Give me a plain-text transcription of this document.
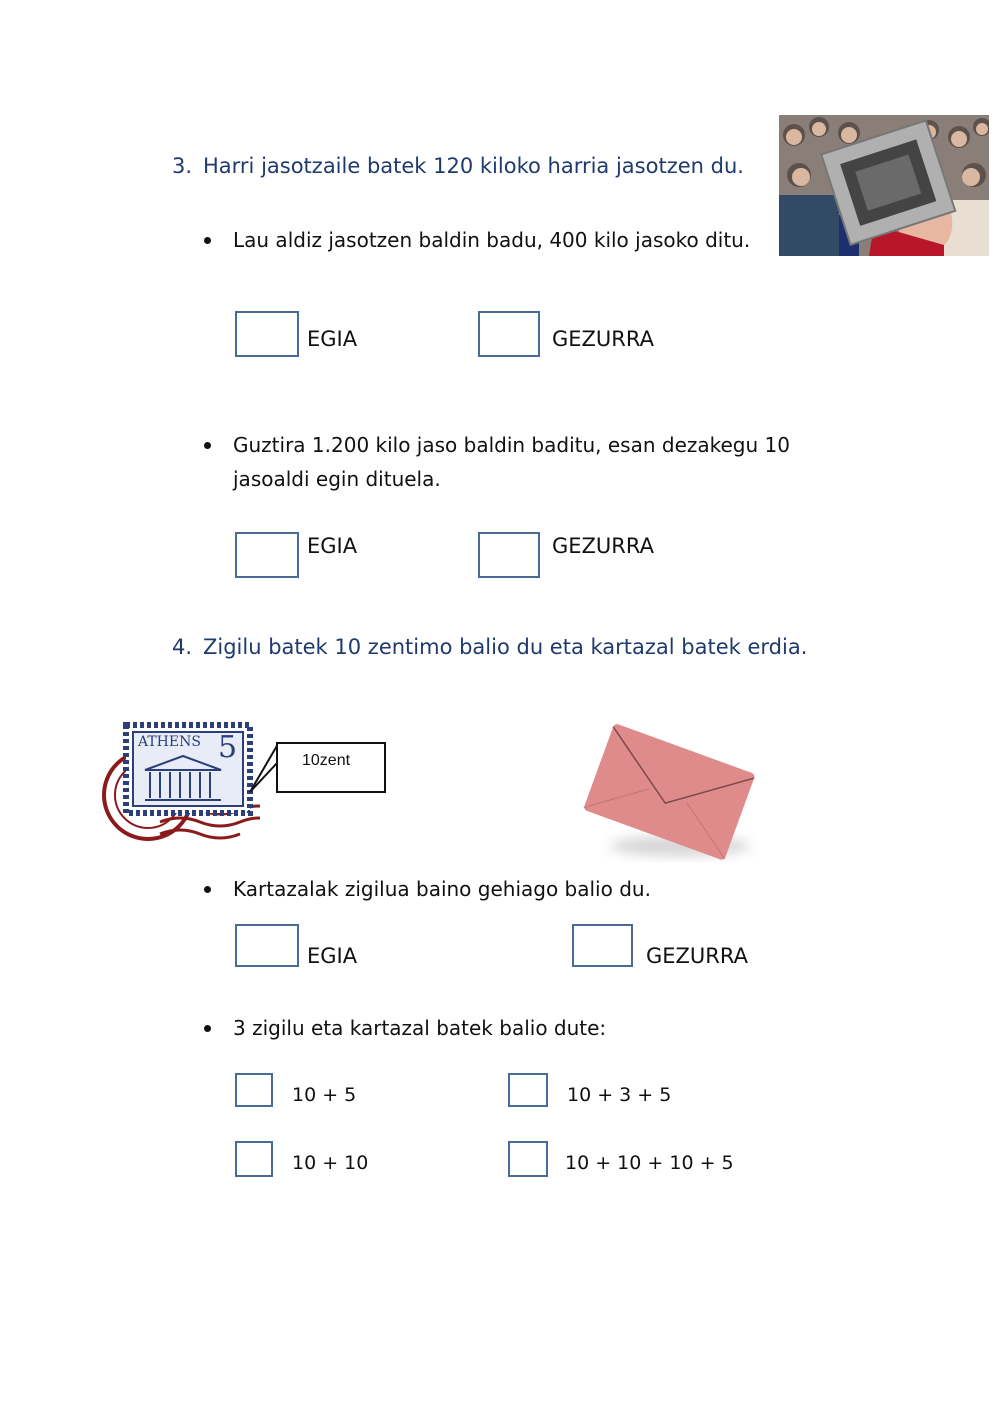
3. Harri jasotzaile batek 120 kiloko harria jasotzen du.
Lau aldiz jasotzen baldin badu, 400 kilo jasoko ditu.
EGIA	GEZURRA
Guztira 1.200 kilo jaso baldin baditu, esan dezakegu 10 jasoaldi egin dituela.
EGIA	GEZURRA
4. Zigilu batek 10 zentimo balio du eta kartazal batek erdia.
ATHENS 5	10zent
Kartazalak zigilua baino gehiago balio du.
EGIA	GEZURRA
3 zigilu eta kartazal batek balio dute:
10 + 5	10 + 3 + 5
10 + 10	10 + 10 + 10 + 5
